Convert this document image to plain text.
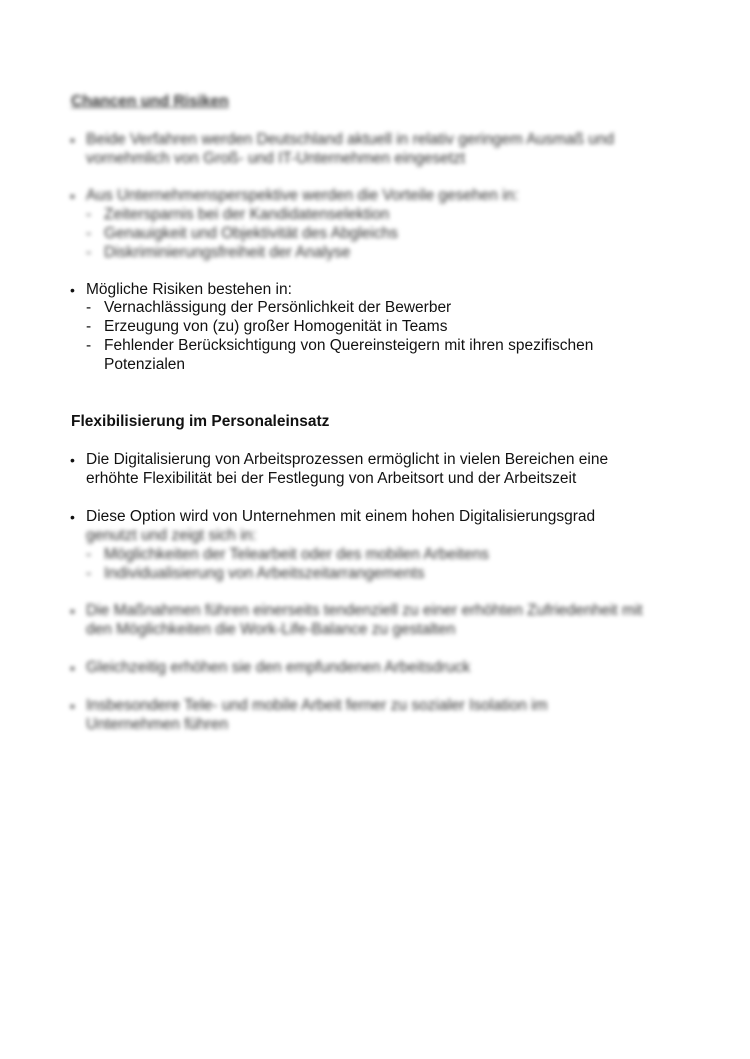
Chancen und Risiken
• Beide Verfahren werden Deutschland aktuell in relativ geringem Ausmaß und
vornehmlich von Groß- und IT-Unternehmen eingesetzt
• Aus Unternehmensperspektive werden die Vorteile gesehen in:
- Zeitersparnis bei der Kandidatenselektion
- Genauigkeit und Objektivität des Abgleichs
- Diskriminierungsfreiheit der Analyse
• Mögliche Risiken bestehen in:
- Vernachlässigung der Persönlichkeit der Bewerber
- Erzeugung von (zu) großer Homogenität in Teams
- Fehlender Berücksichtigung von Quereinsteigern mit ihren spezifischen
Potenzialen
Flexibilisierung im Personaleinsatz
• Die Digitalisierung von Arbeitsprozessen ermöglicht in vielen Bereichen eine
erhöhte Flexibilität bei der Festlegung von Arbeitsort und der Arbeitszeit
• Diese Option wird von Unternehmen mit einem hohen Digitalisierungsgrad
genutzt und zeigt sich in:
- Möglichkeiten der Telearbeit oder des mobilen Arbeitens
- Individualisierung von Arbeitszeitarrangements
• Die Maßnahmen führen einerseits tendenziell zu einer erhöhten Zufriedenheit mit
den Möglichkeiten die Work-Life-Balance zu gestalten
• Gleichzeitig erhöhen sie den empfundenen Arbeitsdruck
• Insbesondere Tele- und mobile Arbeit ferner zu sozialer Isolation im
Unternehmen führen
